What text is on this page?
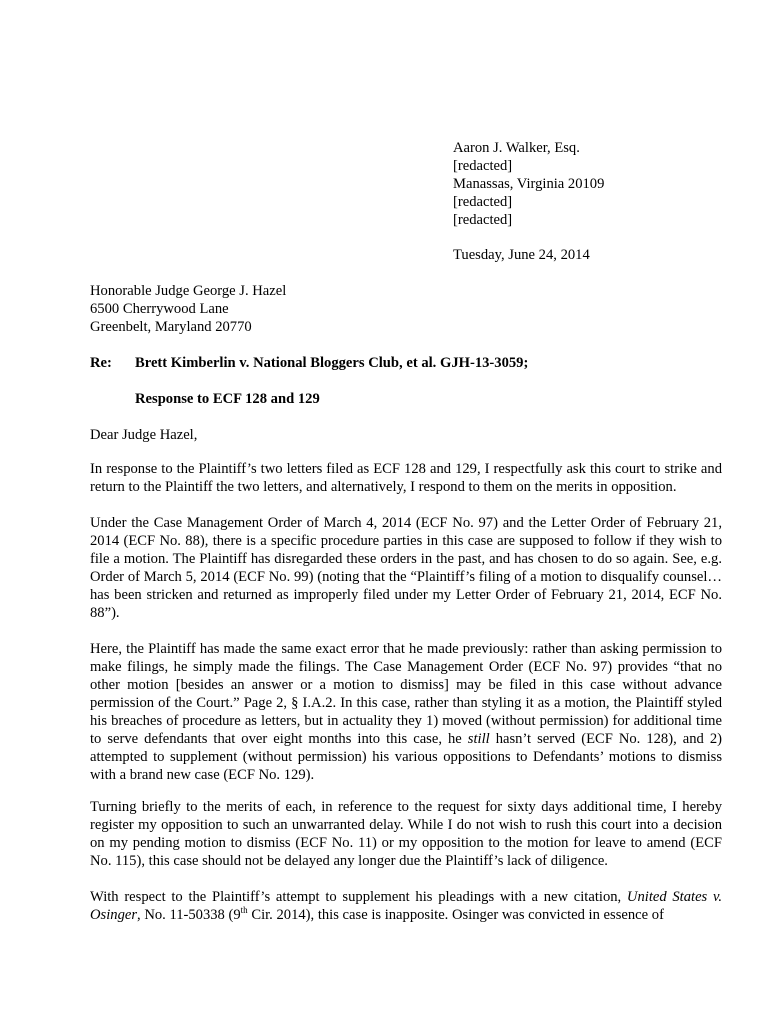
Aaron J. Walker, Esq.
[redacted]
Manassas, Virginia 20109
[redacted]
[redacted]
Tuesday, June 24, 2014
Honorable Judge George J. Hazel
6500 Cherrywood Lane
Greenbelt, Maryland 20770
Re: Brett Kimberlin v. National Bloggers Club, et al. GJH-13-3059;
Response to ECF 128 and 129
Dear Judge Hazel,
In response to the Plaintiff’s two letters filed as ECF 128 and 129, I respectfully ask this court to strike and return to the Plaintiff the two letters, and alternatively, I respond to them on the merits in opposition.
Under the Case Management Order of March 4, 2014 (ECF No. 97) and the Letter Order of February 21, 2014 (ECF No. 88), there is a specific procedure parties in this case are supposed to follow if they wish to file a motion. The Plaintiff has disregarded these orders in the past, and has chosen to do so again. See, e.g. Order of March 5, 2014 (ECF No. 99) (noting that the “Plaintiff’s filing of a motion to disqualify counsel… has been stricken and returned as improperly filed under my Letter Order of February 21, 2014, ECF No. 88”).
Here, the Plaintiff has made the same exact error that he made previously: rather than asking permission to make filings, he simply made the filings. The Case Management Order (ECF No. 97) provides “that no other motion [besides an answer or a motion to dismiss] may be filed in this case without advance permission of the Court.” Page 2, § I.A.2. In this case, rather than styling it as a motion, the Plaintiff styled his breaches of procedure as letters, but in actuality they 1) moved (without permission) for additional time to serve defendants that over eight months into this case, he still hasn’t served (ECF No. 128), and 2) attempted to supplement (without permission) his various oppositions to Defendants’ motions to dismiss with a brand new case (ECF No. 129).
Turning briefly to the merits of each, in reference to the request for sixty days additional time, I hereby register my opposition to such an unwarranted delay. While I do not wish to rush this court into a decision on my pending motion to dismiss (ECF No. 11) or my opposition to the motion for leave to amend (ECF No. 115), this case should not be delayed any longer due the Plaintiff’s lack of diligence.
With respect to the Plaintiff’s attempt to supplement his pleadings with a new citation, United States v. Osinger, No. 11-50338 (9th Cir. 2014), this case is inapposite. Osinger was convicted in essence of
